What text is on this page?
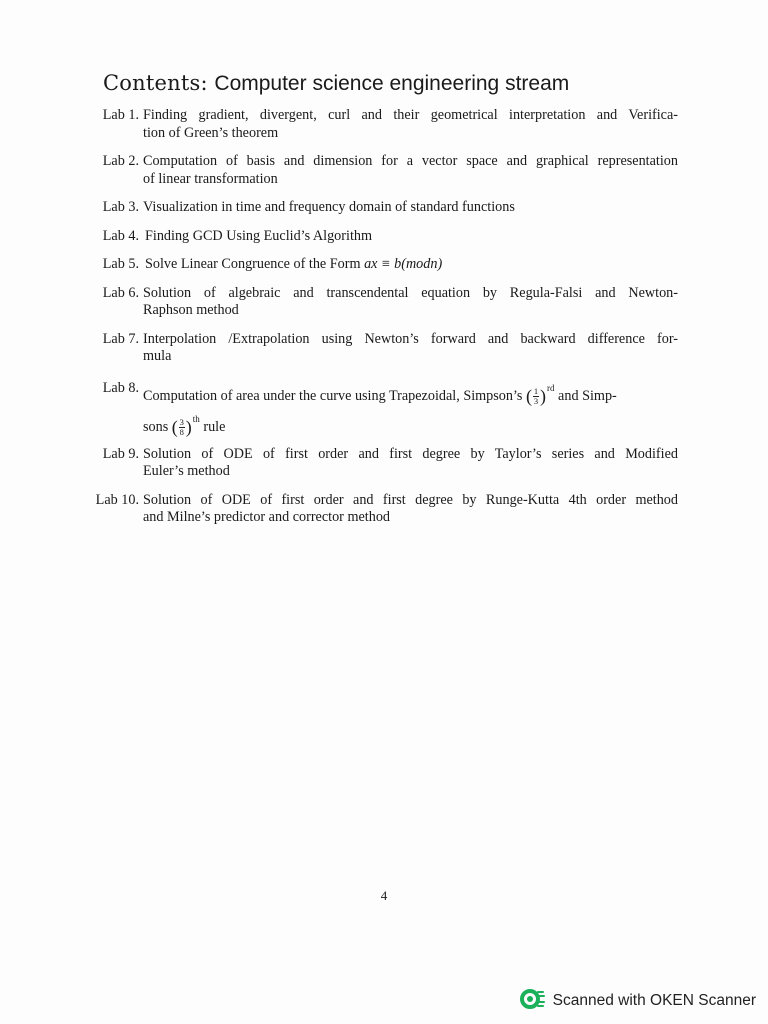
Contents: Computer science engineering stream
Lab 1. Finding gradient, divergent, curl and their geometrical interpretation and Verifica-
tion of Green’s theorem
Lab 2. Computation of basis and dimension for a vector space and graphical representation
of linear transformation
Lab 3. Visualization in time and frequency domain of standard functions
Lab 4. Finding GCD Using Euclid’s Algorithm
Lab 5. Solve Linear Congruence of the Form ax ≡ b(modn)
Lab 6. Solution of algebraic and transcendental equation by Regula-Falsi and Newton-
Raphson method
Lab 7. Interpolation /Extrapolation using Newton’s forward and backward difference for-
mula
Lab 8. Computation of area under the curve using Trapezoidal, Simpson’s ( 1
3 ) $^{rd}$ and Simp-
sons ( 3
8 ) $^{th}$ rule
Lab 9. Solution of ODE of first order and first degree by Taylor’s series and Modified
Euler’s method
Lab 10. Solution of ODE of first order and first degree by Runge-Kutta 4th order method
and Milne’s predictor and corrector method
4
Scanned with OKEN Scanner
